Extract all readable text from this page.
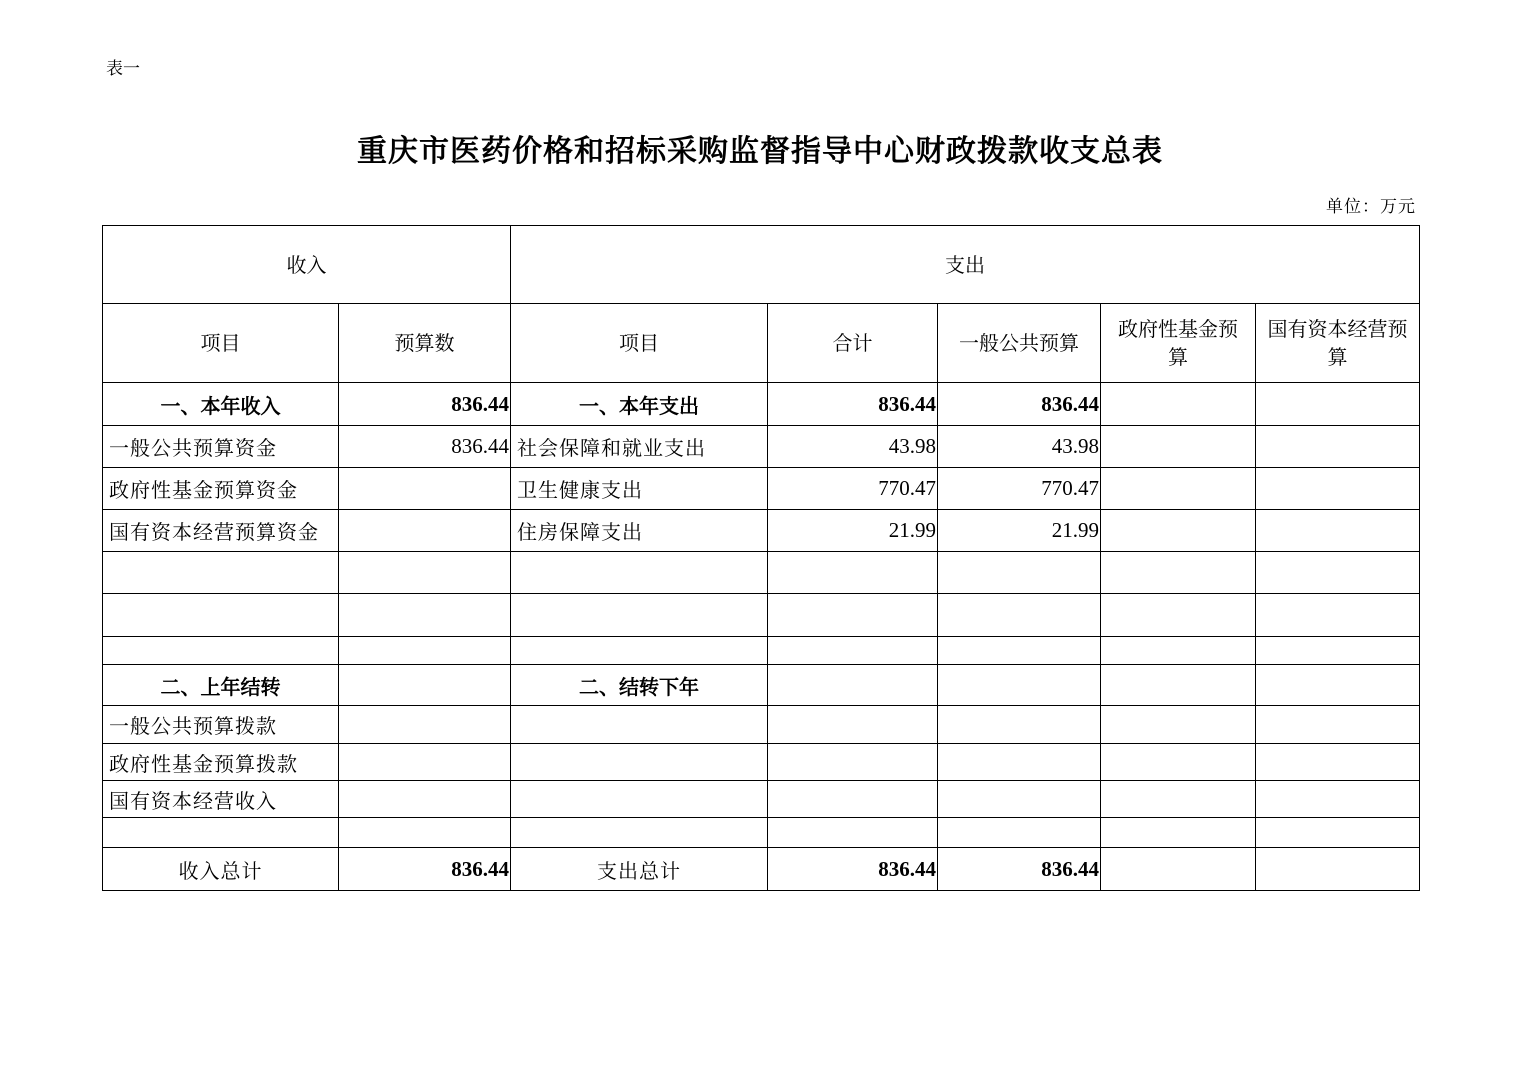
表一
重庆市医药价格和招标采购监督指导中心财政拨款收支总表
单位：万元
收入		支出				
项目	预算数	项目	合计	一般公共预算	政府性基金预算	国有资本经营预算
一、本年收入	836.44	一、本年支出	836.44	836.44		
一般公共预算资金	836.44	社会保障和就业支出	43.98	43.98		
政府性基金预算资金		卫生健康支出	770.47	770.47		
国有资本经营预算资金		住房保障支出	21.99	21.99		

二、上年结转		二、结转下年				
一般公共预算拨款						
政府性基金预算拨款						
国有资本经营收入						

收入总计	836.44	支出总计	836.44	836.44		
